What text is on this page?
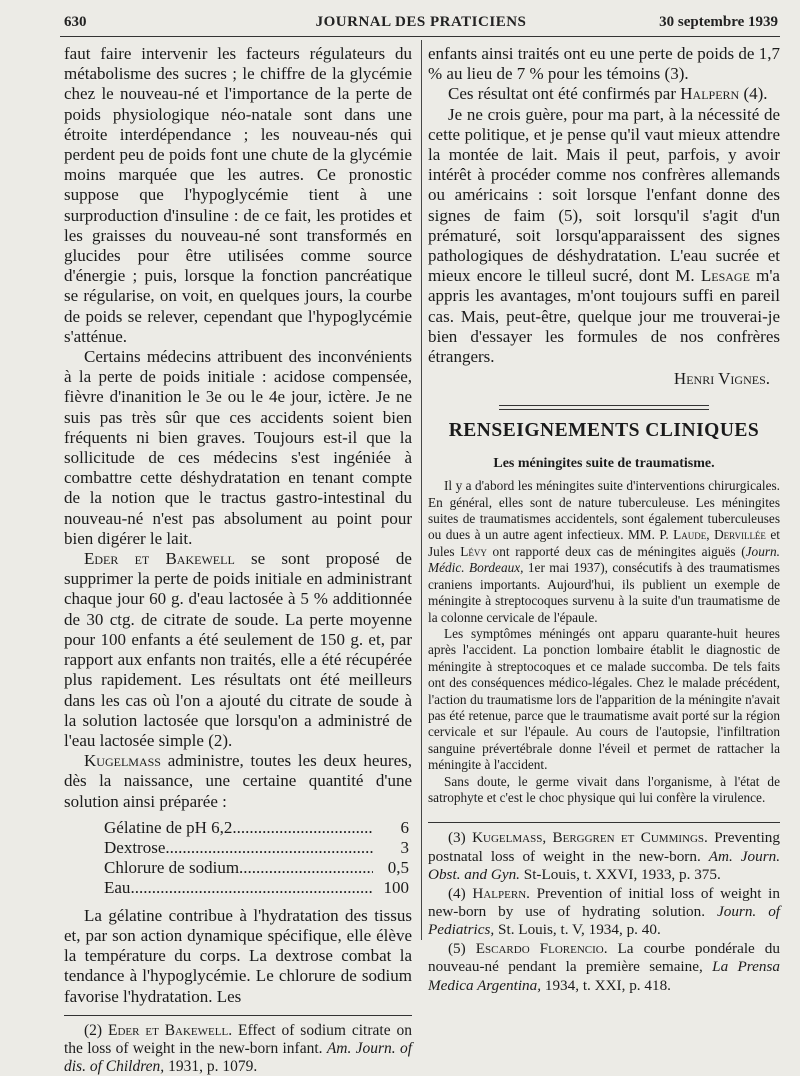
630	JOURNAL DES PRATICIENS	30 septembre 1939

faut faire intervenir les facteurs régulateurs du métabolisme des sucres ; le chiffre de la glycémie chez le nouveau-né et l'importance de la perte de poids physiologique néo-natale sont dans une étroite interdépendance ; les nouveau-nés qui perdent peu de poids font une chute de la glycémie moins marquée que les autres. Ce pronostic suppose que l'hypoglycémie tient à une surproduction d'insuline : de ce fait, les protides et les graisses du nouveau-né sont transformés en glucides pour être utilisées comme source d'énergie ; puis, lorsque la fonction pancréatique se régularise, on voit, en quelques jours, la courbe de poids se relever, cependant que l'hypoglycémie s'atténue.

Certains médecins attribuent des inconvénients à la perte de poids initiale : acidose compensée, fièvre d'inanition le 3e ou le 4e jour, ictère. Je ne suis pas très sûr que ces accidents soient bien fréquents ni bien graves. Toujours est-il que la sollicitude de ces médecins s'est ingéniée à combattre cette déshydratation en tenant compte de la notion que le tractus gastro-intestinal du nouveau-né n'est pas absolument au point pour bien digérer le lait.

Eder et Bakewell se sont proposé de supprimer la perte de poids initiale en administrant chaque jour 60 g. d'eau lactosée à 5 % additionnée de 30 ctg. de citrate de soude. La perte moyenne pour 100 enfants a été seulement de 150 g. et, par rapport aux enfants non traités, elle a été récupérée plus rapidement. Les résultats ont été meilleurs dans les cas où l'on a ajouté du citrate de soude à la solution lactosée que lorsqu'on a administré de l'eau lactosée simple (2).

Kugelmass administre, toutes les deux heures, dès la naissance, une certaine quantité d'une solution ainsi préparée :

Gélatine de pH 6,2 .....	6
Dextrose .....	3
Chlorure de sodium .....	0,5
Eau .....	100

La gélatine contribue à l'hydratation des tissus et, par son action dynamique spécifique, elle élève la température du corps. La dextrose combat la tendance à l'hypoglycémie. Le chlorure de sodium favorise l'hydratation. Les

(2) Eder et Bakewell. Effect of sodium citrate on the loss of weight in the new-born infant. Am. Journ. of dis. of Children, 1931, p. 1079.

enfants ainsi traités ont eu une perte de poids de 1,7 % au lieu de 7 % pour les témoins (3).

Ces résultat ont été confirmés par Halpern (4).

Je ne crois guère, pour ma part, à la nécessité de cette politique, et je pense qu'il vaut mieux attendre la montée de lait. Mais il peut, parfois, y avoir intérêt à procéder comme nos confrères allemands ou américains : soit lorsque l'enfant donne des signes de faim (5), soit lorsqu'il s'agit d'un prématuré, soit lorsqu'apparaissent des signes pathologiques de déshydratation. L'eau sucrée et mieux encore le tilleul sucré, dont M. Lesage m'a appris les avantages, m'ont toujours suffi en pareil cas. Mais, peut-être, quelque jour me trouverai-je bien d'essayer les formules de nos confrères étrangers.

Henri Vignes.
RENSEIGNEMENTS CLINIQUES
Les méningites suite de traumatisme.

Il y a d'abord les méningites suite d'interventions chirurgicales. En général, elles sont de nature tuberculeuse. Les méningites suites de traumatismes accidentels, sont également tuberculeuses ou dues à un autre agent infectieux. MM. P. Laude, Dervillée et Jules Lévy ont rapporté deux cas de méningites aiguës (Journ. Médic. Bordeaux, 1er mai 1937), consécutifs à des traumatismes craniens importants. Aujourd'hui, ils publient un exemple de méningite à streptocoques survenu à la suite d'un traumatisme de la colonne cervicale de l'épaule.

Les symptômes méningés ont apparu quarante-huit heures après l'accident. La ponction lombaire établit le diagnostic de méningite à streptocoques et ce malade succomba. De tels faits ont des conséquences médico-légales. Chez le malade précédent, l'action du traumatisme lors de l'apparition de la méningite n'avait pas été retenue, parce que le traumatisme avait porté sur la région cervicale et sur l'épaule. Au cours de l'autopsie, l'infiltration sanguine prévertébrale donne l'éveil et permet de rattacher la méningite à l'accident.

Sans doute, le germe vivait dans l'organisme, à l'état de satrophyte et c'est le choc physique qui lui confère la virulence.

(3) Kugelmass, Berggren et Cummings. Preventing postnatal loss of weight in the new-born. Am. Journ. Obst. and Gyn. St-Louis, t. XXVI, 1933, p. 375.

(4) Halpern. Prevention of initial loss of weight in new-born by use of hydrating solution. Journ. of Pediatrics, St. Louis, t. V, 1934, p. 40.

(5) Escardo Florencio. La courbe pondérale du nouveau-né pendant la première semaine, La Prensa Medica Argentina, 1934, t. XXI, p. 418.
